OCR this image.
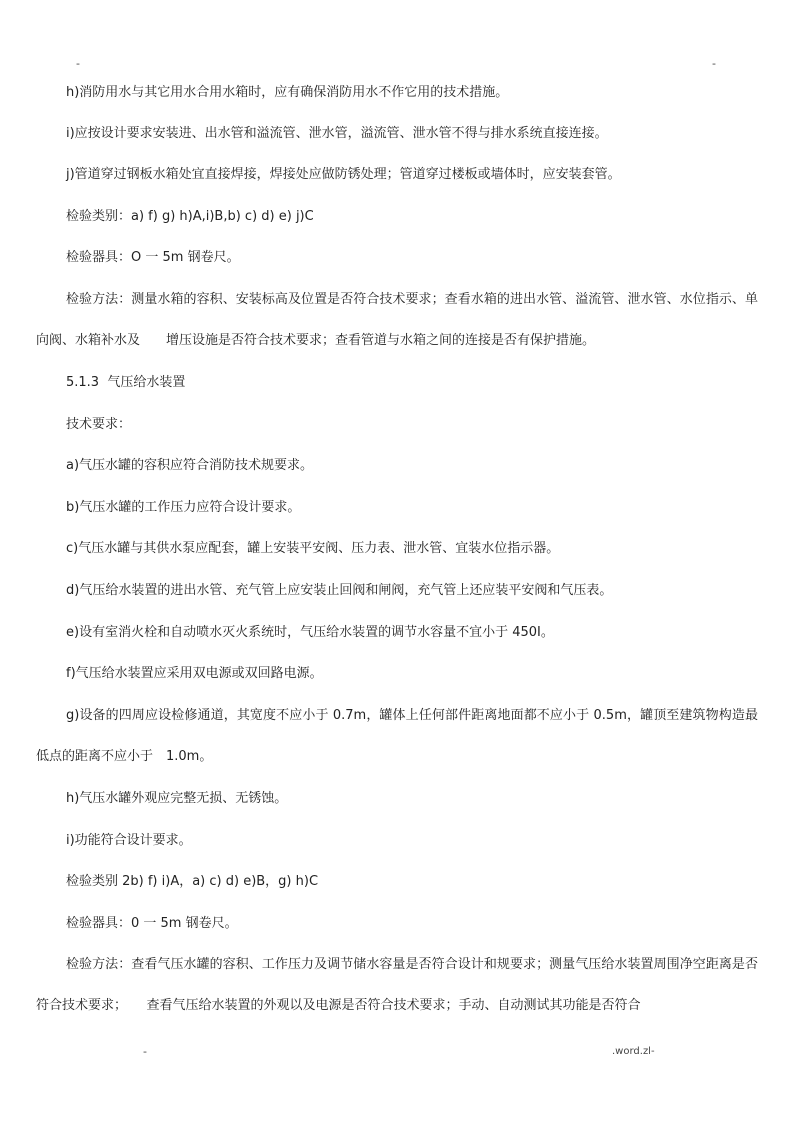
-	-

h)消防用水与其它用水合用水箱时，应有确保消防用水不作它用的技术措施。

i)应按设计要求安装进、出水管和溢流管、泄水管，溢流管、泄水管不得与排水系统直接连接。

j)管道穿过钢板水箱处宜直接焊接，焊接处应做防锈处理；管道穿过楼板或墙体时，应安装套管。

检验类别：a) f) g) h)A,i)B,b) c) d) e) j)C

检验器具：O 一 5m 钢卷尺。

检验方法：测量水箱的容积、安装标高及位置是否符合技术要求；查看水箱的进出水管、溢流管、泄水管、水位指示、单向阀、水箱补水及　　增压设施是否符合技术要求；查看管道与水箱之间的连接是否有保护措施。

5.1.3  气压给水装置

技术要求：

a)气压水罐的容积应符合消防技术规要求。

b)气压水罐的工作压力应符合设计要求。

c)气压水罐与其供水泵应配套，罐上安装平安阀、压力表、泄水管、宜装水位指示器。

d)气压给水装置的进出水管、充气管上应安装止回阀和闸阀，充气管上还应装平安阀和气压表。

e)设有室消火栓和自动喷水灭火系统时，气压给水装置的调节水容量不宜小于 450I。

f)气压给水装置应采用双电源或双回路电源。

g)设备的四周应设检修通道，其宽度不应小于 0.7m，罐体上任何部件距离地面都不应小于 0.5m，罐顶至建筑物构造最低点的距离不应小于　1.0m。

h)气压水罐外观应完整无损、无锈蚀。

i)功能符合设计要求。

检验类别 2b) f) i)A，a) c) d) e)B，g) h)C

检验器具：0 一 5m 钢卷尺。

检验方法：查看气压水罐的容积、工作压力及调节储水容量是否符合设计和规要求；测量气压给水装置周围净空距离是否符合技术要求；　　查看气压给水装置的外观以及电源是否符合技术要求；手动、自动测试其功能是否符合

-	.word.zl-
